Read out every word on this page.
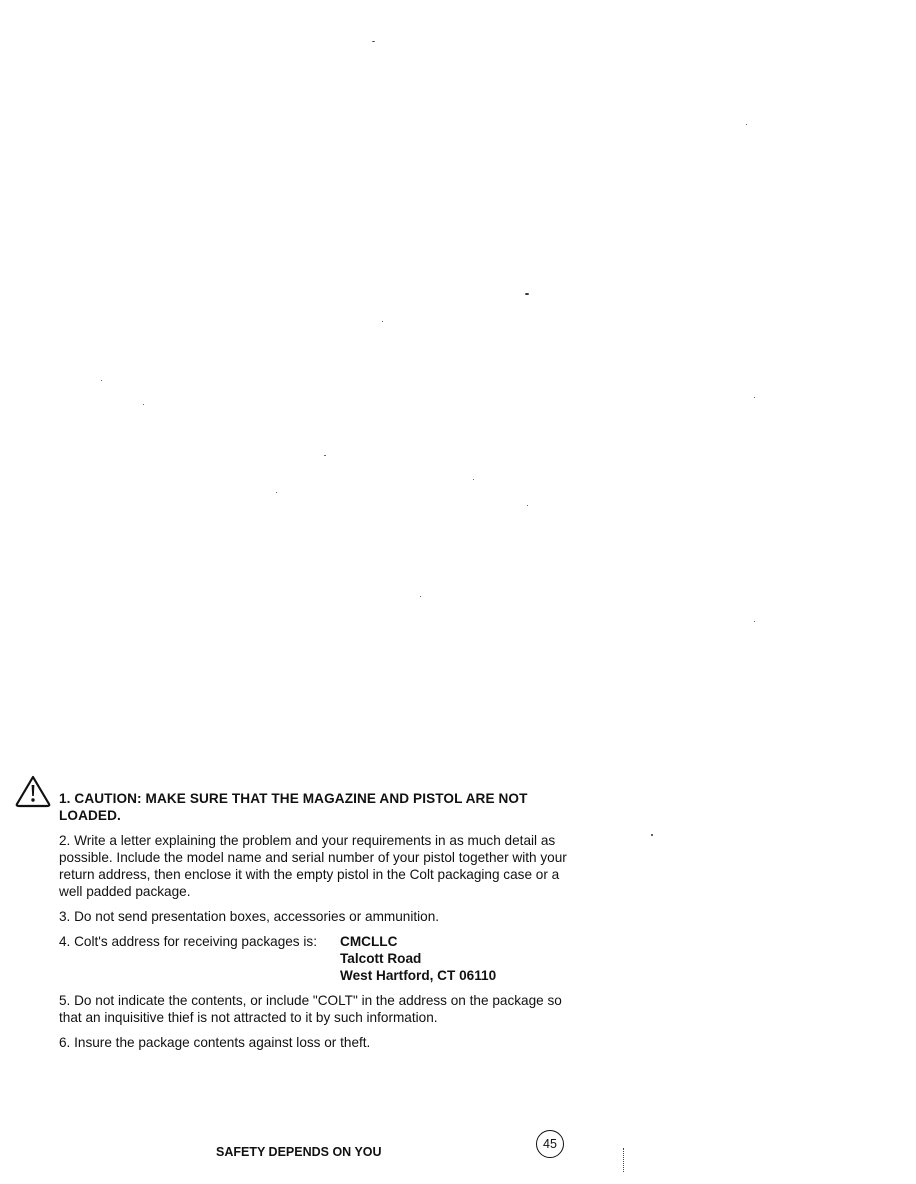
1. CAUTION: MAKE SURE THAT THE MAGAZINE AND PISTOL ARE NOT LOADED.

2. Write a letter explaining the problem and your requirements in as much detail as possible. Include the model name and serial number of your pistol together with your return address, then enclose it with the empty pistol in the Colt packaging case or a well padded package.

3. Do not send presentation boxes, accessories or ammunition.

4. Colt's address for receiving packages is:	CMCLLC
Talcott Road
West Hartford, CT 06110

5. Do not indicate the contents, or include "COLT" in the address on the package so that an inquisitive thief is not attracted to it by such information.

6. Insure the package contents against loss or theft.

SAFETY DEPENDS ON YOU
45
